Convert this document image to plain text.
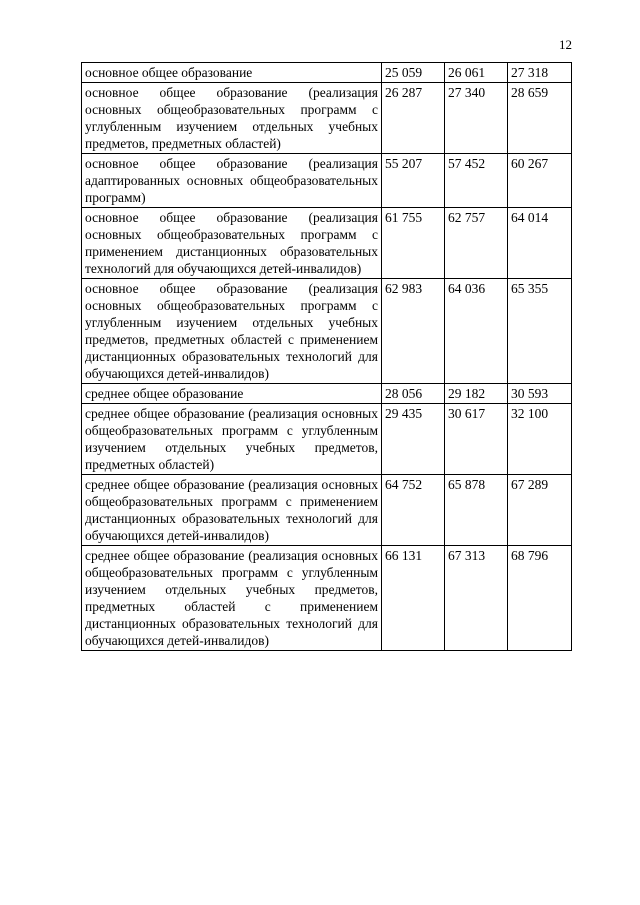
12
основное общее образование	25 059	26 061	27 318
основное общее образование (реализация основных общеобразовательных программ с углубленным изучением отдельных учебных предметов, предметных областей)	26 287	27 340	28 659
основное общее образование (реализация адаптированных основных общеобразовательных программ)	55 207	57 452	60 267
основное общее образование (реализация основных общеобразовательных программ с применением дистанционных образовательных технологий для обучающихся детей-инвалидов)	61 755	62 757	64 014
основное общее образование (реализация основных общеобразовательных программ с углубленным изучением отдельных учебных предметов, предметных областей с применением дистанционных образовательных технологий для обучающихся детей-инвалидов)	62 983	64 036	65 355
среднее общее образование	28 056	29 182	30 593
среднее общее образование (реализация основных общеобразовательных программ с углубленным изучением отдельных учебных предметов, предметных областей)	29 435	30 617	32 100
среднее общее образование (реализация основных общеобразовательных программ с применением дистанционных образовательных технологий для обучающихся детей-инвалидов)	64 752	65 878	67 289
среднее общее образование (реализация основных общеобразовательных программ с углубленным изучением отдельных учебных предметов, предметных областей с применением дистанционных образовательных технологий для обучающихся детей-инвалидов)	66 131	67 313	68 796
